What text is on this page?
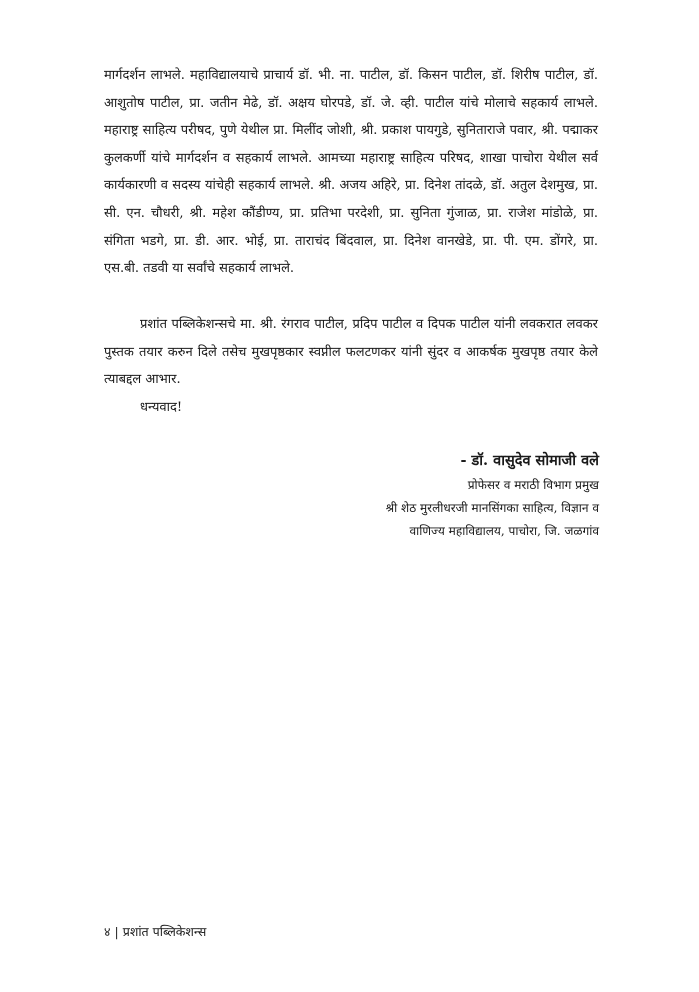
मार्गदर्शन लाभले. महाविद्यालयाचे प्राचार्य डॉ. भी. ना. पाटील, डॉ. किसन पाटील, डॉ. शिरीष पाटील, डॉ. आशुतोष पाटील, प्रा. जतीन मेढे, डॉ. अक्षय घोरपडे, डॉ. जे. व्ही. पाटील यांचे मोलाचे सहकार्य लाभले. महाराष्ट्र साहित्य परीषद, पुणे येथील प्रा. मिलींद जोशी, श्री. प्रकाश पायगुडे, सुनिताराजे पवार, श्री. पद्माकर कुलकर्णी यांचे मार्गदर्शन व सहकार्य लाभले. आमच्या महाराष्ट्र साहित्य परिषद, शाखा पाचोरा येथील सर्व कार्यकारणी व सदस्य यांचेही सहकार्य लाभले. श्री. अजय अहिरे, प्रा. दिनेश तांदळे, डॉ. अतुल देशमुख, प्रा. सी. एन. चौधरी, श्री. महेश कौंडीण्य, प्रा. प्रतिभा परदेशी, प्रा. सुनिता गुंजाळ, प्रा. राजेश मांडोळे, प्रा. संगिता भडगे, प्रा. डी. आर. भोई, प्रा. ताराचंद बिंदवाल, प्रा. दिनेश वानखेडे, प्रा. पी. एम. डोंगरे, प्रा. एस.बी. तडवी या सर्वांचे सहकार्य लाभले.

प्रशांत पब्लिकेशन्सचे मा. श्री. रंगराव पाटील, प्रदिप पाटील व दिपक पाटील यांनी लवकरात लवकर पुस्तक तयार करुन दिले तसेच मुखपृष्ठकार स्वप्नील फलटणकर यांनी सुंदर व आकर्षक मुखपृष्ठ तयार केले त्याबद्दल आभार.

धन्यवाद!

- डॉ. वासुदेव सोमाजी वले
प्रोफेसर व मराठी विभाग प्रमुख
श्री शेठ मुरलीधरजी मानसिंगका साहित्य, विज्ञान व
वाणिज्य महाविद्यालय, पाचोरा, जि. जळगांव
४ | प्रशांत पब्लिकेशन्स
